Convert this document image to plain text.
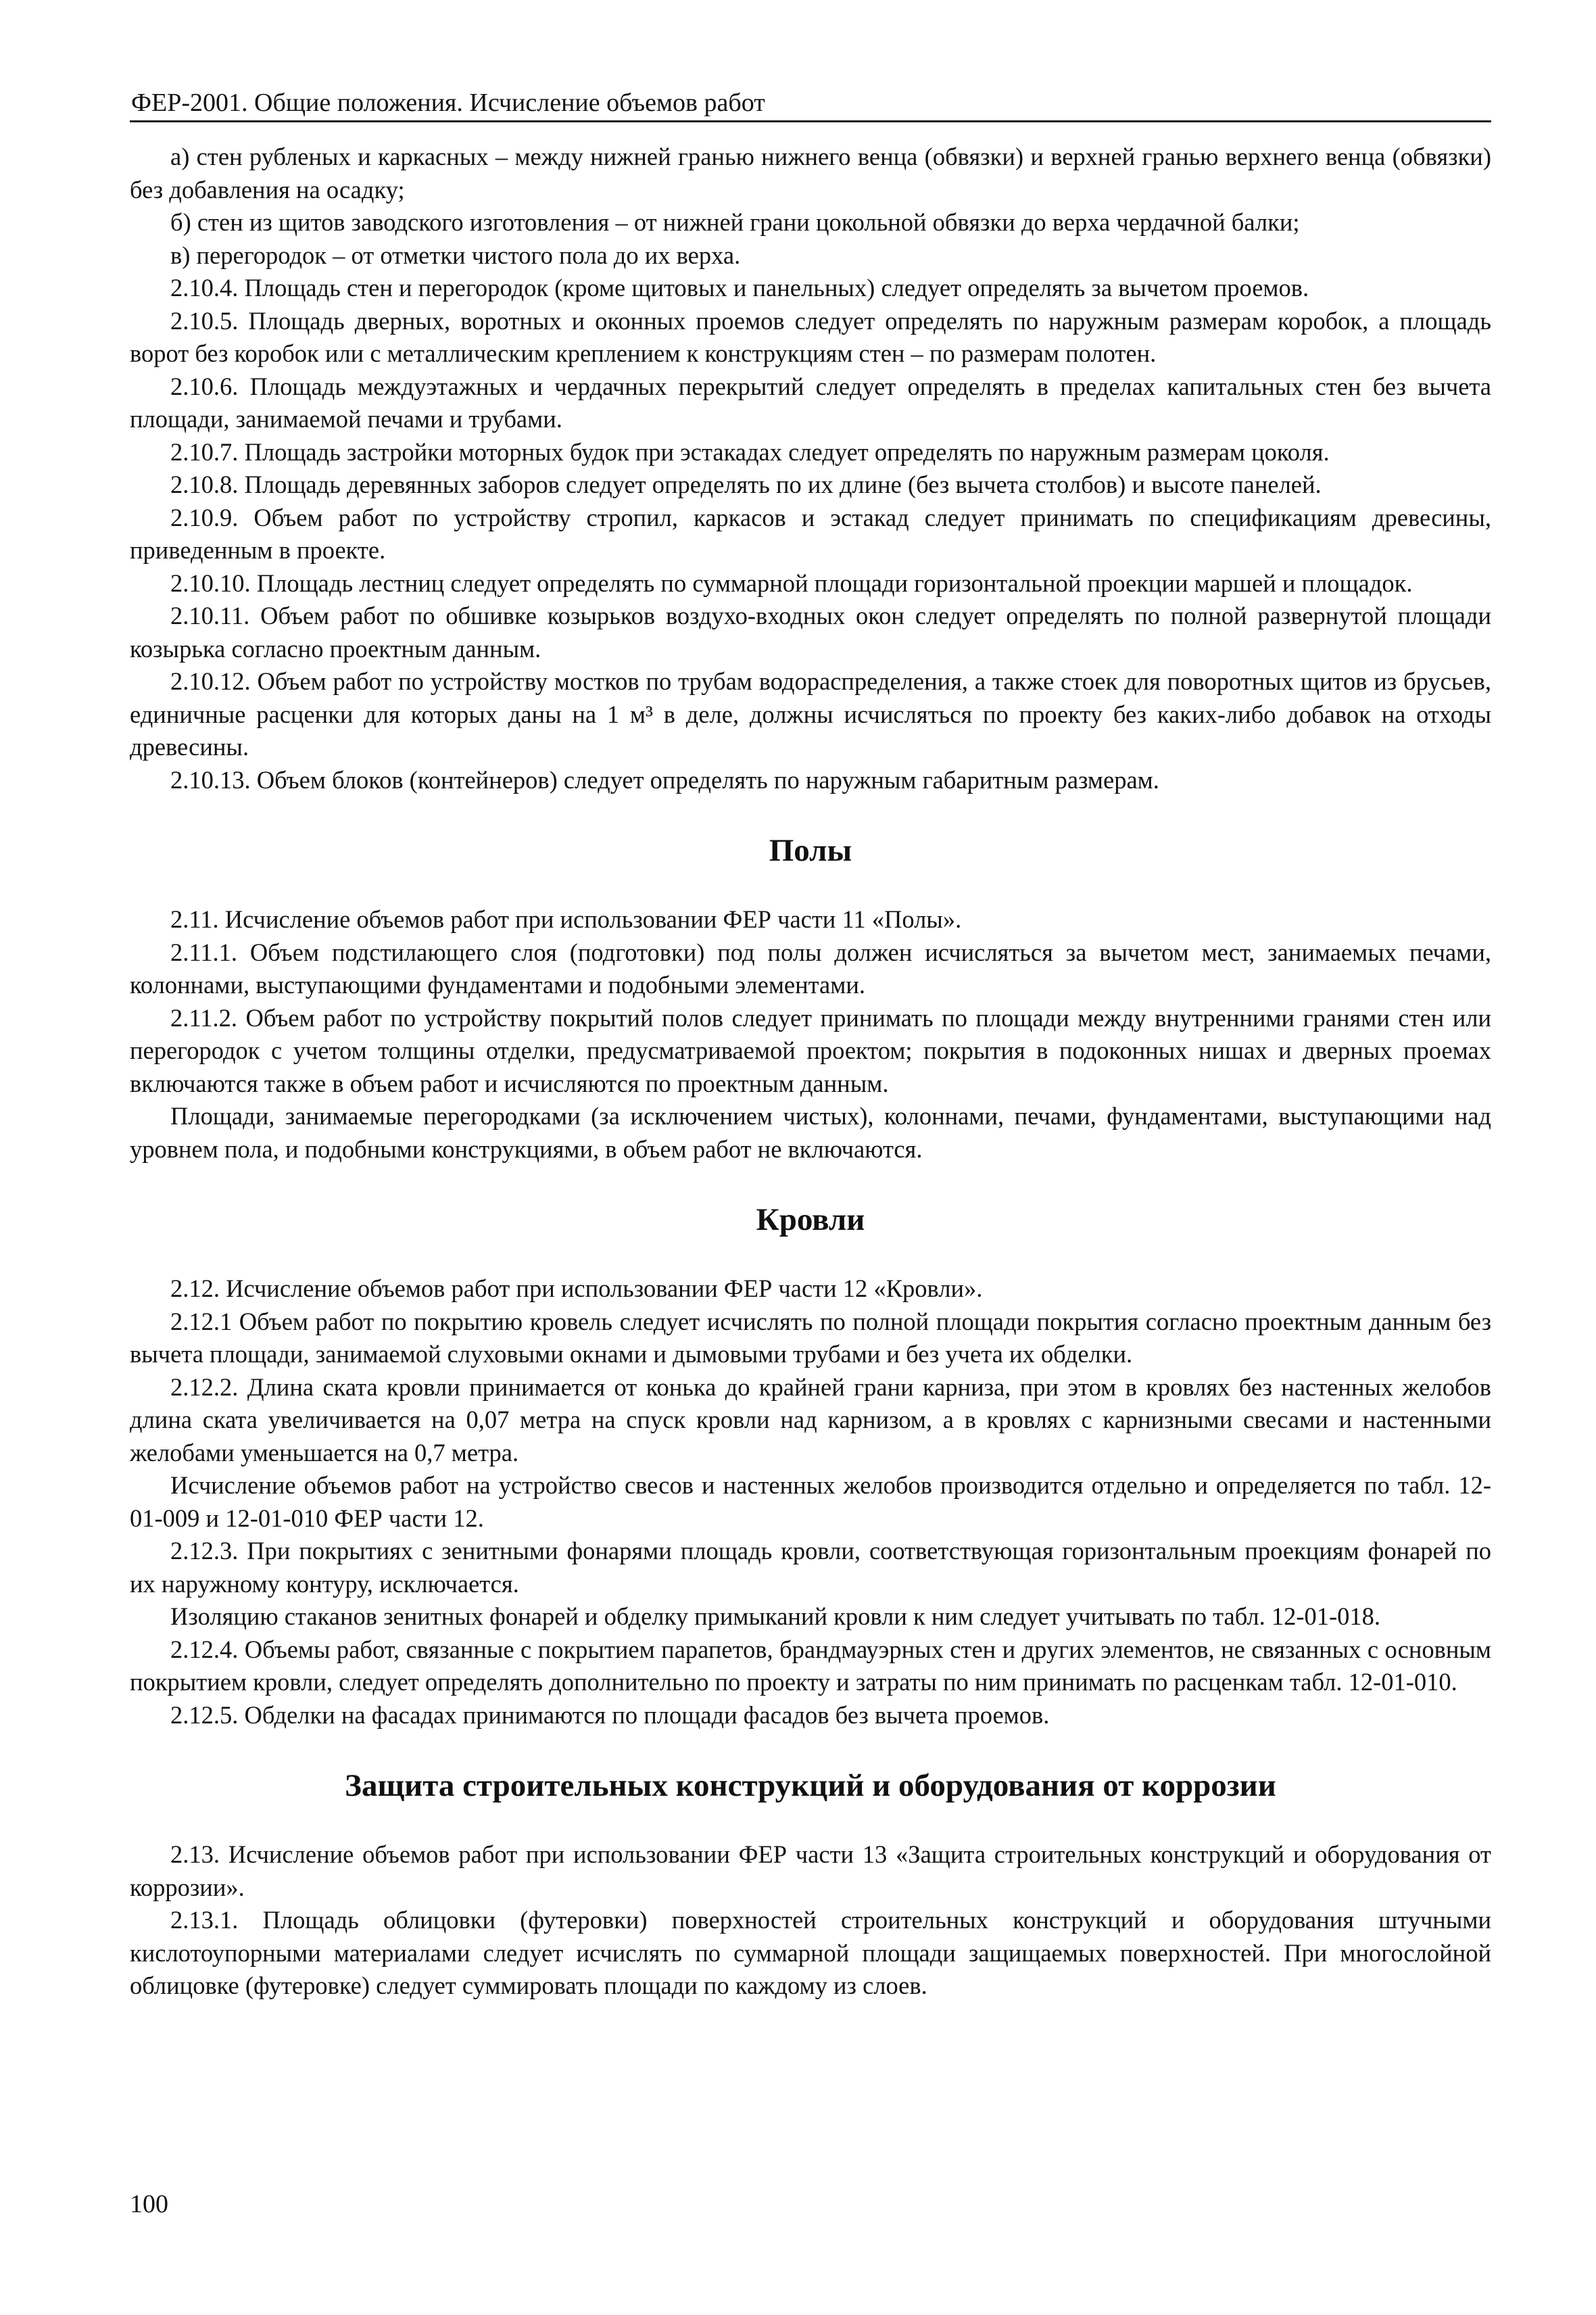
ФЕР-2001. Общие положения. Исчисление объемов работ

а) стен рубленых и каркасных – между нижней гранью нижнего венца (обвязки) и верхней гранью верхнего венца (обвязки) без добавления на осадку;

б) стен из щитов заводского изготовления – от нижней грани цокольной обвязки до верха чердачной балки;

в) перегородок – от отметки чистого пола до их верха.

2.10.4. Площадь стен и перегородок (кроме щитовых и панельных) следует определять за вычетом проемов.

2.10.5. Площадь дверных, воротных и оконных проемов следует определять по наружным размерам коробок, а площадь ворот без коробок или с металлическим креплением к конструкциям стен – по размерам полотен.

2.10.6. Площадь междуэтажных и чердачных перекрытий следует определять в пределах капитальных стен без вычета площади, занимаемой печами и трубами.

2.10.7. Площадь застройки моторных будок при эстакадах следует определять по наружным размерам цоколя.

2.10.8. Площадь деревянных заборов следует определять по их длине (без вычета столбов) и высоте панелей.

2.10.9. Объем работ по устройству стропил, каркасов и эстакад следует принимать по спецификациям древесины, приведенным в проекте.

2.10.10. Площадь лестниц следует определять по суммарной площади горизонтальной проекции маршей и площадок.

2.10.11. Объем работ по обшивке козырьков воздухо-входных окон следует определять по полной развернутой площади козырька согласно проектным данным.

2.10.12. Объем работ по устройству мостков по трубам водораспределения, а также стоек для поворотных щитов из брусьев, единичные расценки для которых даны на 1 м³ в деле, должны исчисляться по проекту без каких-либо добавок на отходы древесины.

2.10.13. Объем блоков (контейнеров) следует определять по наружным габаритным размерам.

Полы

2.11. Исчисление объемов работ при использовании ФЕР части 11 «Полы».

2.11.1. Объем подстилающего слоя (подготовки) под полы должен исчисляться за вычетом мест, занимаемых печами, колоннами, выступающими фундаментами и подобными элементами.

2.11.2. Объем работ по устройству покрытий полов следует принимать по площади между внутренними гранями стен или перегородок с учетом толщины отделки, предусматриваемой проектом; покрытия в подоконных нишах и дверных проемах включаются также в объем работ и исчисляются по проектным данным.

Площади, занимаемые перегородками (за исключением чистых), колоннами, печами, фундаментами, выступающими над уровнем пола, и подобными конструкциями, в объем работ не включаются.

Кровли

2.12. Исчисление объемов работ при использовании ФЕР части 12 «Кровли».

2.12.1 Объем работ по покрытию кровель следует исчислять по полной площади покрытия согласно проектным данным без вычета площади, занимаемой слуховыми окнами и дымовыми трубами и без учета их обделки.

2.12.2. Длина ската кровли принимается от конька до крайней грани карниза, при этом в кровлях без настенных желобов длина ската увеличивается на 0,07 метра на спуск кровли над карнизом, а в кровлях с карнизными свесами и настенными желобами уменьшается на 0,7 метра.

Исчисление объемов работ на устройство свесов и настенных желобов производится отдельно и определяется по табл. 12-01-009 и 12-01-010 ФЕР части 12.

2.12.3. При покрытиях с зенитными фонарями площадь кровли, соответствующая горизонтальным проекциям фонарей по их наружному контуру, исключается.

Изоляцию стаканов зенитных фонарей и обделку примыканий кровли к ним следует учитывать по табл. 12-01-018.

2.12.4. Объемы работ, связанные с покрытием парапетов, брандмауэрных стен и других элементов, не связанных с основным покрытием кровли, следует определять дополнительно по проекту и затраты по ним принимать по расценкам табл. 12-01-010.

2.12.5. Обделки на фасадах принимаются по площади фасадов без вычета проемов.

Защита строительных конструкций и оборудования от коррозии

2.13. Исчисление объемов работ при использовании ФЕР части 13 «Защита строительных конструкций и оборудования от коррозии».

2.13.1. Площадь облицовки (футеровки) поверхностей строительных конструкций и оборудования штучными кислотоупорными материалами следует исчислять по суммарной площади защищаемых поверхностей. При многослойной облицовке (футеровке) следует суммировать площади по каждому из слоев.

100
